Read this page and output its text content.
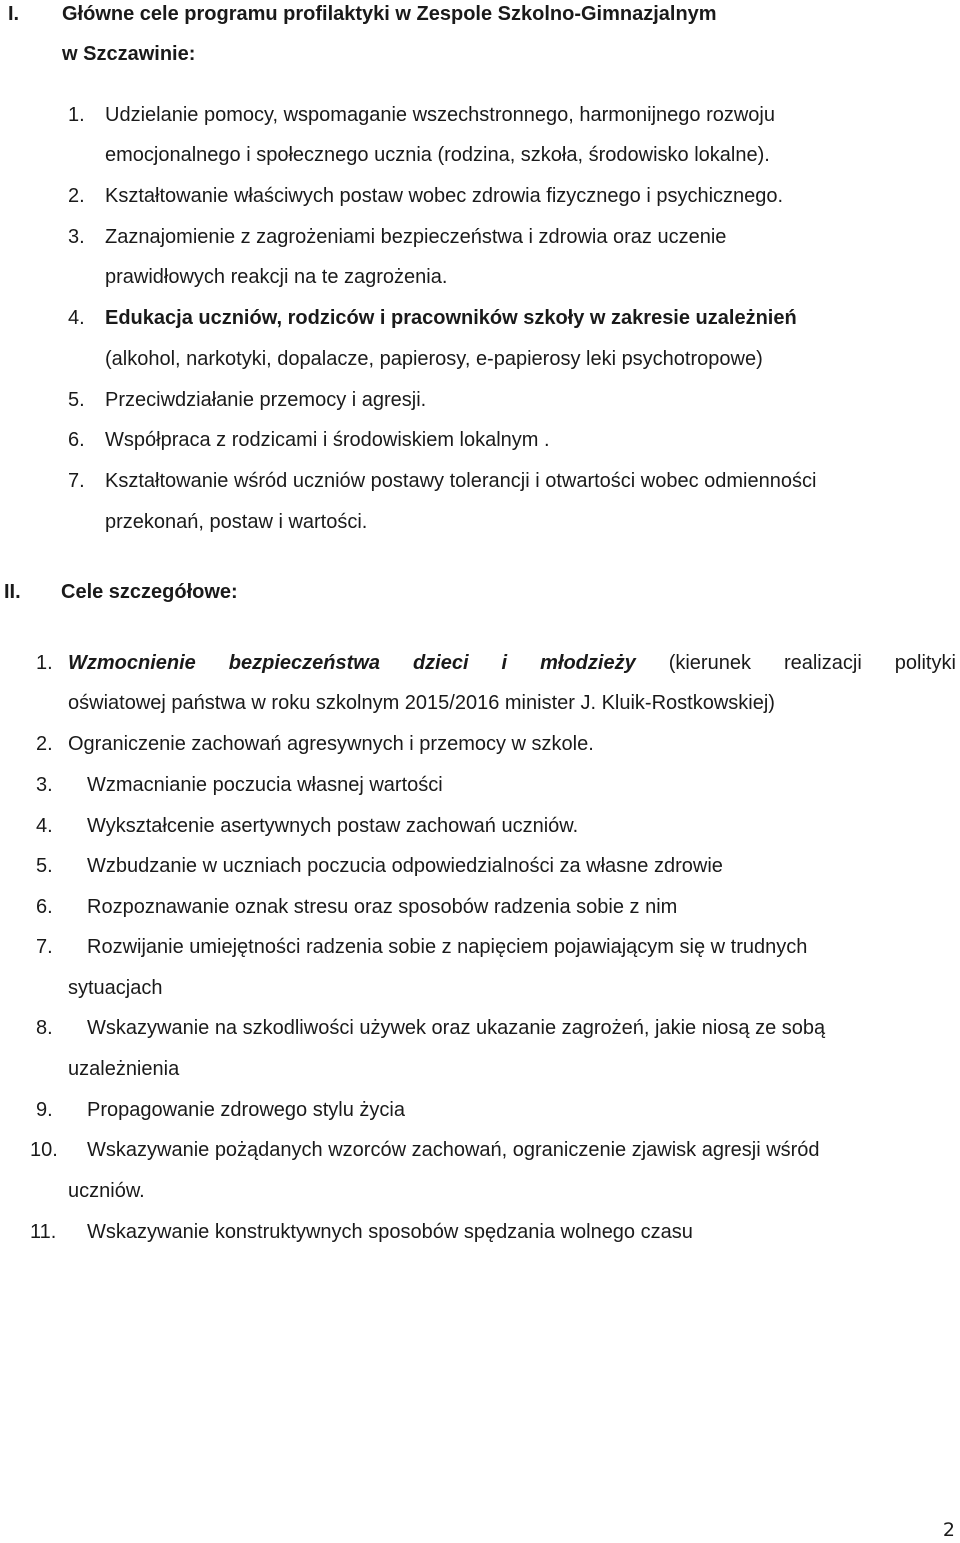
I. Główne cele programu profilaktyki w Zespole Szkolno-Gimnazjalnym
w Szczawinie:
1. Udzielanie pomocy, wspomaganie wszechstronnego, harmonijnego rozwoju
emocjonalnego i społecznego ucznia (rodzina, szkoła, środowisko lokalne).
2. Kształtowanie właściwych postaw wobec zdrowia fizycznego i psychicznego.
3. Zaznajomienie z zagrożeniami bezpieczeństwa i zdrowia oraz uczenie
prawidłowych reakcji na te zagrożenia.
4. Edukacja uczniów, rodziców i pracowników szkoły w zakresie uzależnień
(alkohol, narkotyki, dopalacze, papierosy, e-papierosy leki psychotropowe)
5. Przeciwdziałanie przemocy i agresji.
6. Współpraca z rodzicami i środowiskiem lokalnym .
7. Kształtowanie wśród uczniów postawy tolerancji i otwartości wobec odmienności
przekonań, postaw i wartości.
II. Cele szczegółowe:
1. Wzmocnienie bezpieczeństwa dzieci i młodzieży (kierunek realizacji polityki
oświatowej państwa w roku szkolnym 2015/2016 minister J. Kluik-Rostkowskiej)
2. Ograniczenie zachowań agresywnych i przemocy w szkole.
3. Wzmacnianie poczucia własnej wartości
4. Wykształcenie asertywnych postaw zachowań uczniów.
5. Wzbudzanie w uczniach poczucia odpowiedzialności za własne zdrowie
6. Rozpoznawanie oznak stresu oraz sposobów radzenia sobie z nim
7. Rozwijanie umiejętności radzenia sobie z napięciem pojawiającym się w trudnych
sytuacjach
8. Wskazywanie na szkodliwości używek oraz ukazanie zagrożeń, jakie niosą ze sobą
uzależnienia
9. Propagowanie zdrowego stylu życia
10. Wskazywanie pożądanych wzorców zachowań, ograniczenie zjawisk agresji wśród
uczniów.
11. Wskazywanie konstruktywnych sposobów spędzania wolnego czasu
2
